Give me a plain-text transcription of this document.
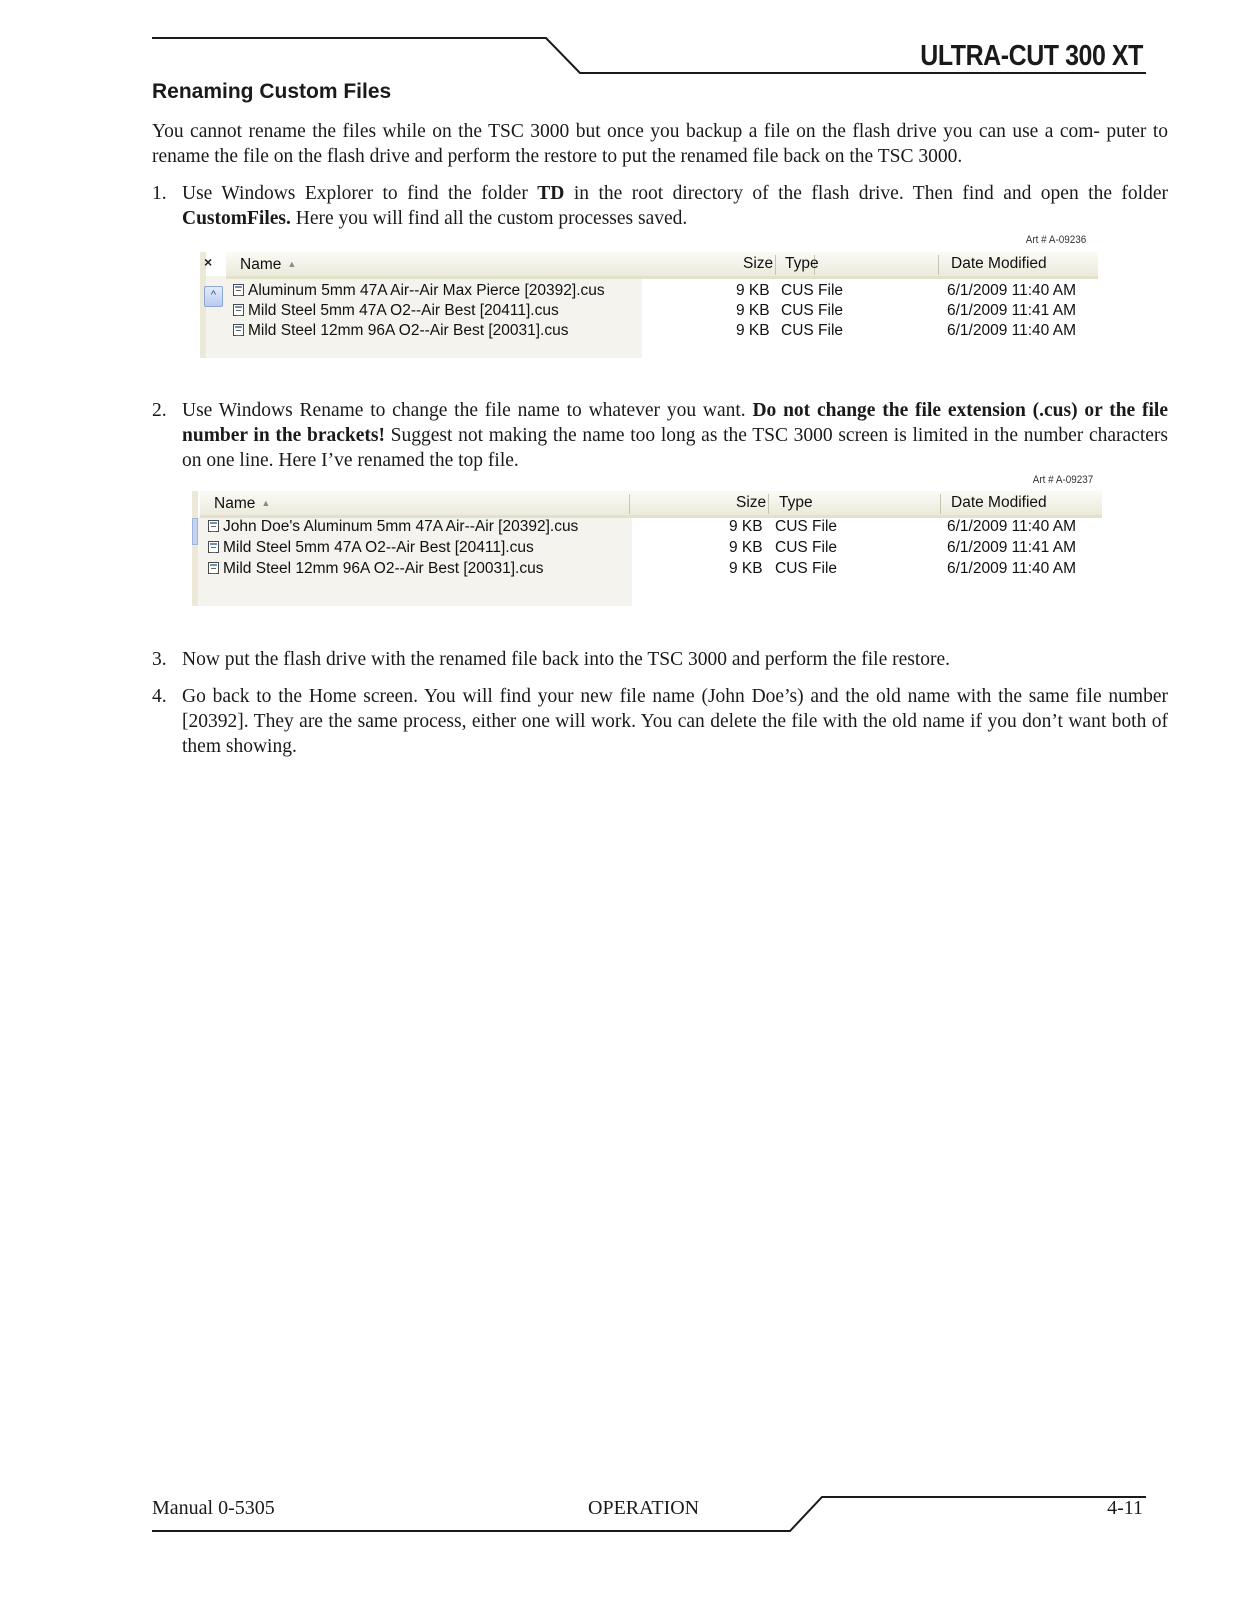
ULTRA-CUT 300 XT
Renaming Custom Files
You cannot rename the files while on the TSC 3000 but once you backup a file on the flash drive you can use a com- puter to rename the file on the flash drive and perform the restore to put the renamed file back on the TSC 3000.
1. Use Windows Explorer to find the folder TD in the root directory of the flash drive. Then find and open the folder CustomFiles. Here you will find all the custom processes saved.
Art # A-09236
×
^
Name ▲	Size Type	Date Modified
Aluminum 5mm 47A Air--Air Max Pierce [20392].cus	9 KB CUS File	6/1/2009 11:40 AM
Mild Steel 5mm 47A O2--Air Best [20411].cus	9 KB CUS File	6/1/2009 11:41 AM
Mild Steel 12mm 96A O2--Air Best [20031].cus	9 KB CUS File	6/1/2009 11:40 AM
2. Use Windows Rename to change the file name to whatever you want. Do not change the file extension (.cus) or the file number in the brackets! Suggest not making the name too long as the TSC 3000 screen is limited in the number characters on one line. Here I’ve renamed the top file.
Art # A-09237
Name ▲	Size Type	Date Modified
John Doe's Aluminum 5mm 47A Air--Air [20392].cus	9 KB CUS File	6/1/2009 11:40 AM
Mild Steel 5mm 47A O2--Air Best [20411].cus	9 KB CUS File	6/1/2009 11:41 AM
Mild Steel 12mm 96A O2--Air Best [20031].cus	9 KB CUS File	6/1/2009 11:40 AM
3. Now put the flash drive with the renamed file back into the TSC 3000 and perform the file restore.
4. Go back to the Home screen. You will find your new file name (John Doe’s) and the old name with the same file number [20392]. They are the same process, either one will work. You can delete the file with the old name if you don’t want both of them showing.
Manual 0-5305	OPERATION	4-11
